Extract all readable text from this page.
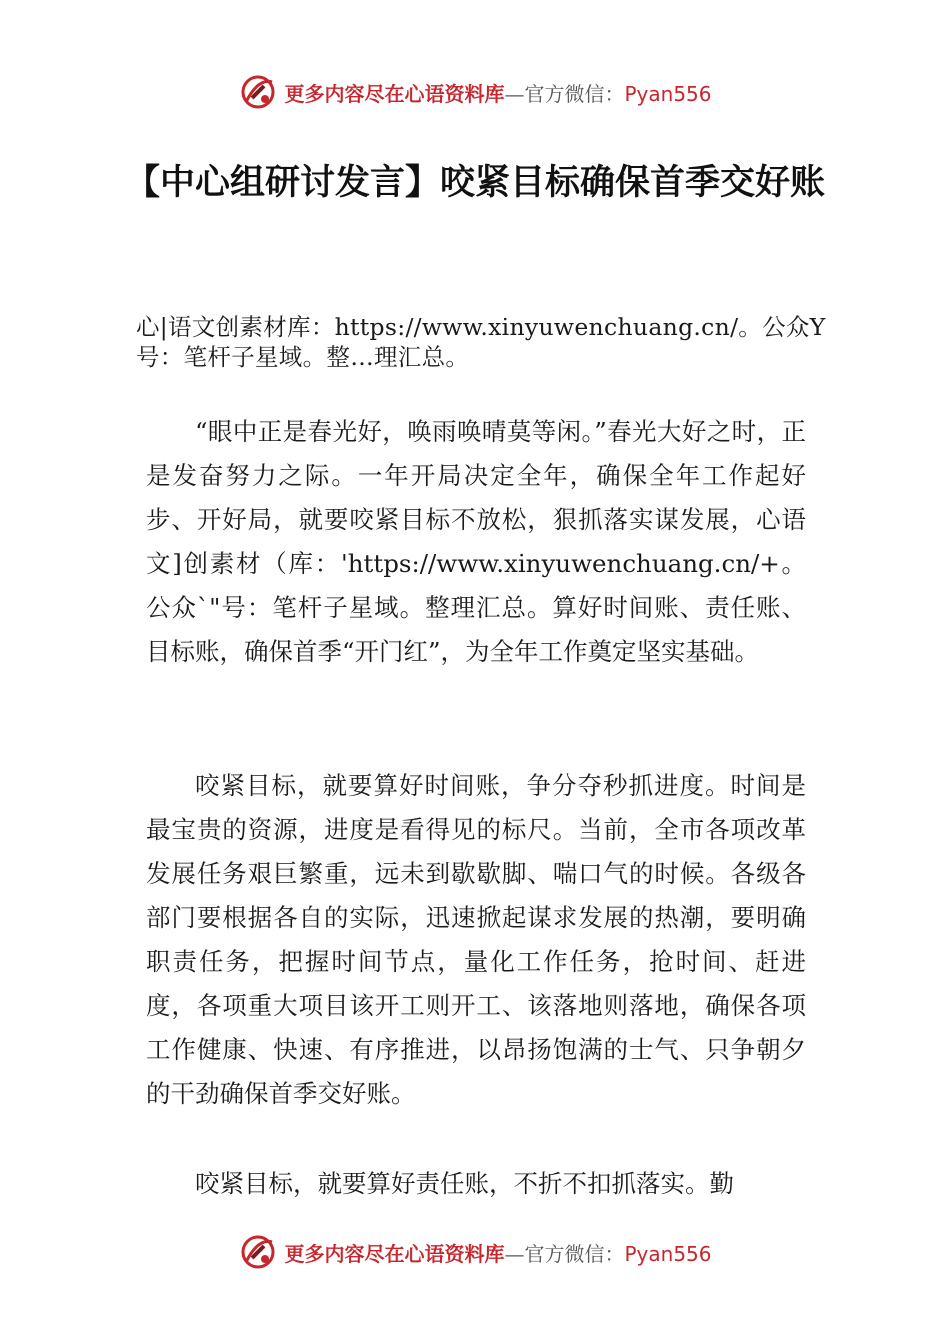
更多内容尽在心语资料库—官方微信：Pyan556
【中心组研讨发言】咬紧目标确保首季交好账
心|语文创素材库：https://www.xinyuwenchuang.cn/。公众Y号：笔杆子星域。整…理汇总。

“眼中正是春光好，唤雨唤晴莫等闲。”春光大好之时，正是发奋努力之际。一年开局决定全年，确保全年工作起好步、开好局，就要咬紧目标不放松，狠抓落实谋发展，心语文]创素材（库：'https://www.xinyuwenchuang.cn/+。公众`"号：笔杆子星域。整理汇总。算好时间账、责任账、目标账，确保首季“开门红”，为全年工作奠定坚实基础。

咬紧目标，就要算好时间账，争分夺秒抓进度。时间是最宝贵的资源，进度是看得见的标尺。当前，全市各项改革发展任务艰巨繁重，远未到歇歇脚、喘口气的时候。各级各部门要根据各自的实际，迅速掀起谋求发展的热潮，要明确职责任务，把握时间节点，量化工作任务，抢时间、赶进度，各项重大项目该开工则开工、该落地则落地，确保各项工作健康、快速、有序推进，以昂扬饱满的士气、只争朝夕的干劲确保首季交好账。

咬紧目标，就要算好责任账，不折不扣抓落实。勤

更多内容尽在心语资料库—官方微信：Pyan556
